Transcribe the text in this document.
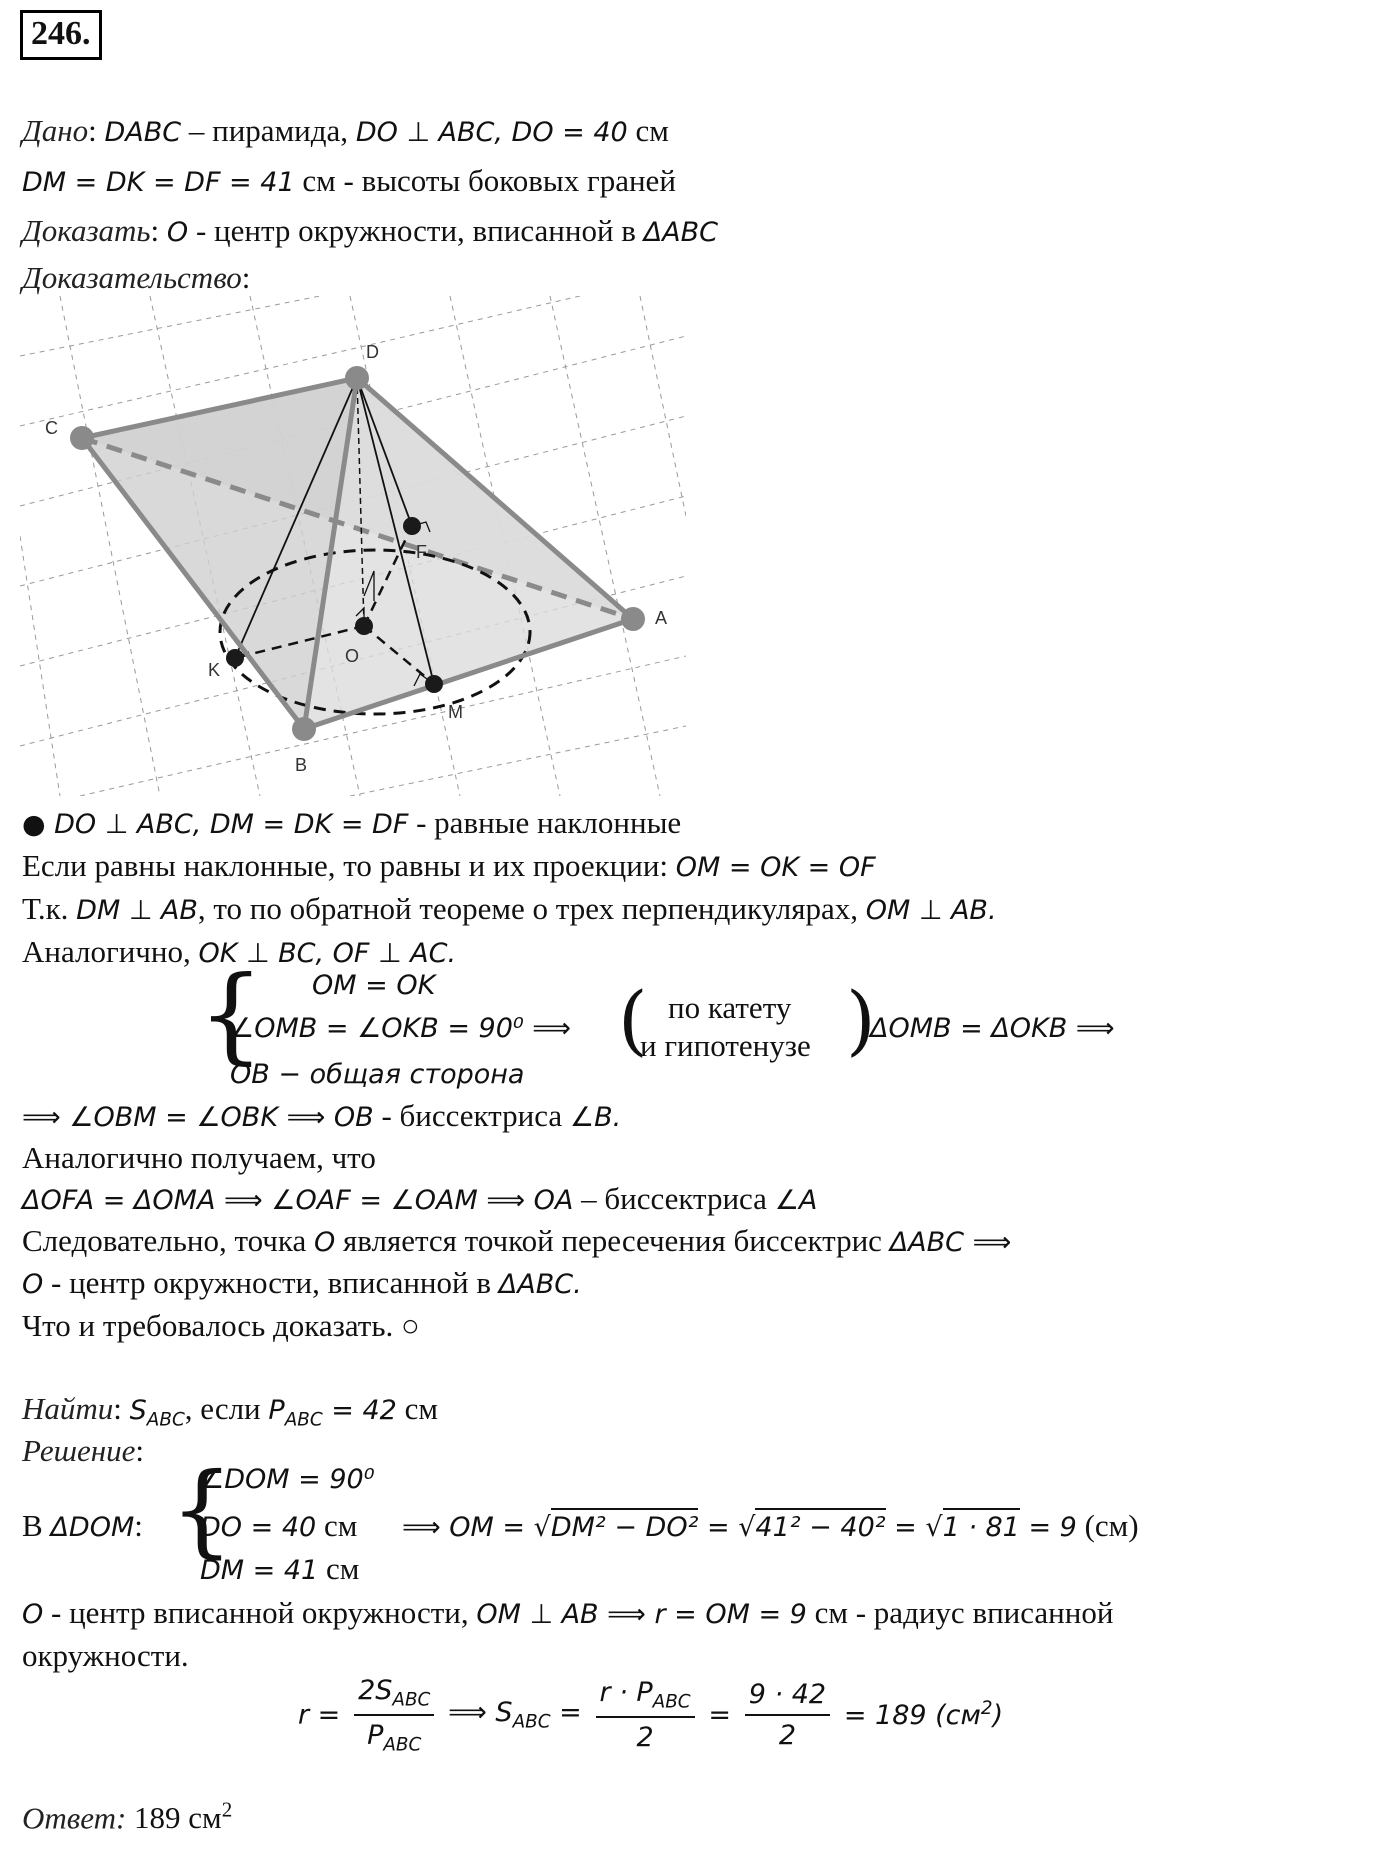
246.
Дано: DABC – пирамида, DO ⊥ ABC, DO = 40 см
DM = DK = DF = 41 см - высоты боковых граней
Доказать: O - центр окружности, вписанной в ΔABC
Доказательство:
D
C
A
B
K
M
O
F
● DO ⊥ ABC, DM = DK = DF - равные наклонные
Если равны наклонные, то равны и их проекции: OM = OK = OF
Т.к. DM ⊥ AB, то по обратной теореме о трех перпендикулярах, OM ⊥ AB.
Аналогично, OK ⊥ BC, OF ⊥ AC.
{ OM = OK
∠OMB = ∠OKB = 90⁰ ⟹
OB − общая сторона
( по катету
и гипотенузе )
ΔOMB = ΔOKB ⟹
⟹ ∠OBM = ∠OBK ⟹ OB - биссектриса ∠B.
Аналогично получаем, что
ΔOFA = ΔOMA ⟹ ∠OAF = ∠OAM ⟹ OA – биссектриса ∠A
Следовательно, точка O является точкой пересечения биссектрис ΔABC ⟹
O - центр окружности, вписанной в ΔABC.
Что и требовалось доказать. ○
Найти: $S_{ABC}$, если $P_{ABC} = 42$ см
Решение:
В ΔDOM: {
∠DOM = 90⁰
DO = 40 см
DM = 41 см
⟹ OM = √DM² − DO² = √41² − 40² = √1 · 81 = 9 (см)
O - центр вписанной окружности, OM ⊥ AB ⟹ r = OM = 9 см - радиус вписанной
окружности.
$r = \frac{2S_{ABC}}{P_{ABC}}$ ⟹ $S_{ABC} = \frac{r \cdot P_{ABC}}{2} = \frac{9 \cdot 42}{2} = 189$ $(см^2)$
Ответ: 189 $см^2$
